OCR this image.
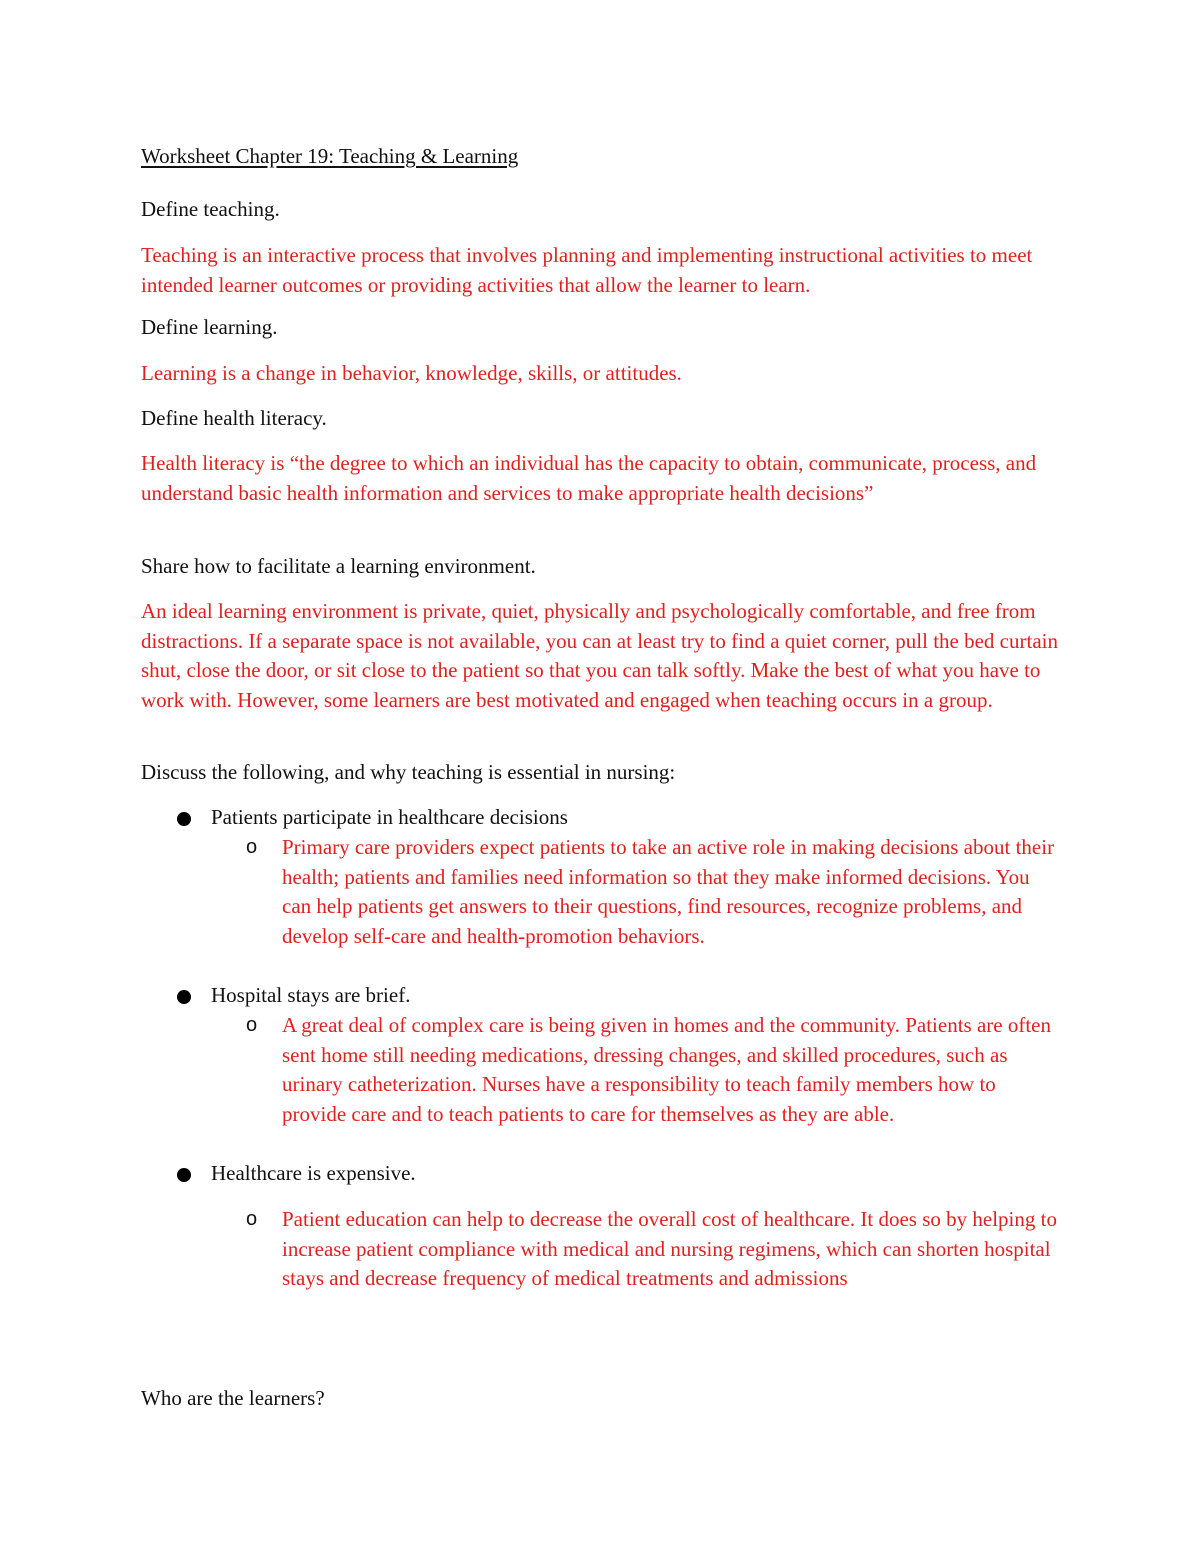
Worksheet Chapter 19: Teaching & Learning
Define teaching.
Teaching is an interactive process that involves planning and implementing instructional activities to meet intended learner outcomes or providing activities that allow the learner to learn.
Define learning.
Learning is a change in behavior, knowledge, skills, or attitudes.
Define health literacy.
Health literacy is “the degree to which an individual has the capacity to obtain, communicate, process, and understand basic health information and services to make appropriate health decisions”
Share how to facilitate a learning environment.
An ideal learning environment is private, quiet, physically and psychologically comfortable, and free from distractions. If a separate space is not available, you can at least try to find a quiet corner, pull the bed curtain shut, close the door, or sit close to the patient so that you can talk softly. Make the best of what you have to work with. However, some learners are best motivated and engaged when teaching occurs in a group.
Discuss the following, and why teaching is essential in nursing:
Patients participate in healthcare decisions
o Primary care providers expect patients to take an active role in making decisions about their health; patients and families need information so that they make informed decisions. You can help patients get answers to their questions, find resources, recognize problems, and develop self-care and health-promotion behaviors.
Hospital stays are brief.
o A great deal of complex care is being given in homes and the community. Patients are often sent home still needing medications, dressing changes, and skilled procedures, such as urinary catheterization. Nurses have a responsibility to teach family members how to provide care and to teach patients to care for themselves as they are able.
Healthcare is expensive.
o Patient education can help to decrease the overall cost of healthcare. It does so by helping to increase patient compliance with medical and nursing regimens, which can shorten hospital stays and decrease frequency of medical treatments and admissions
Who are the learners?
